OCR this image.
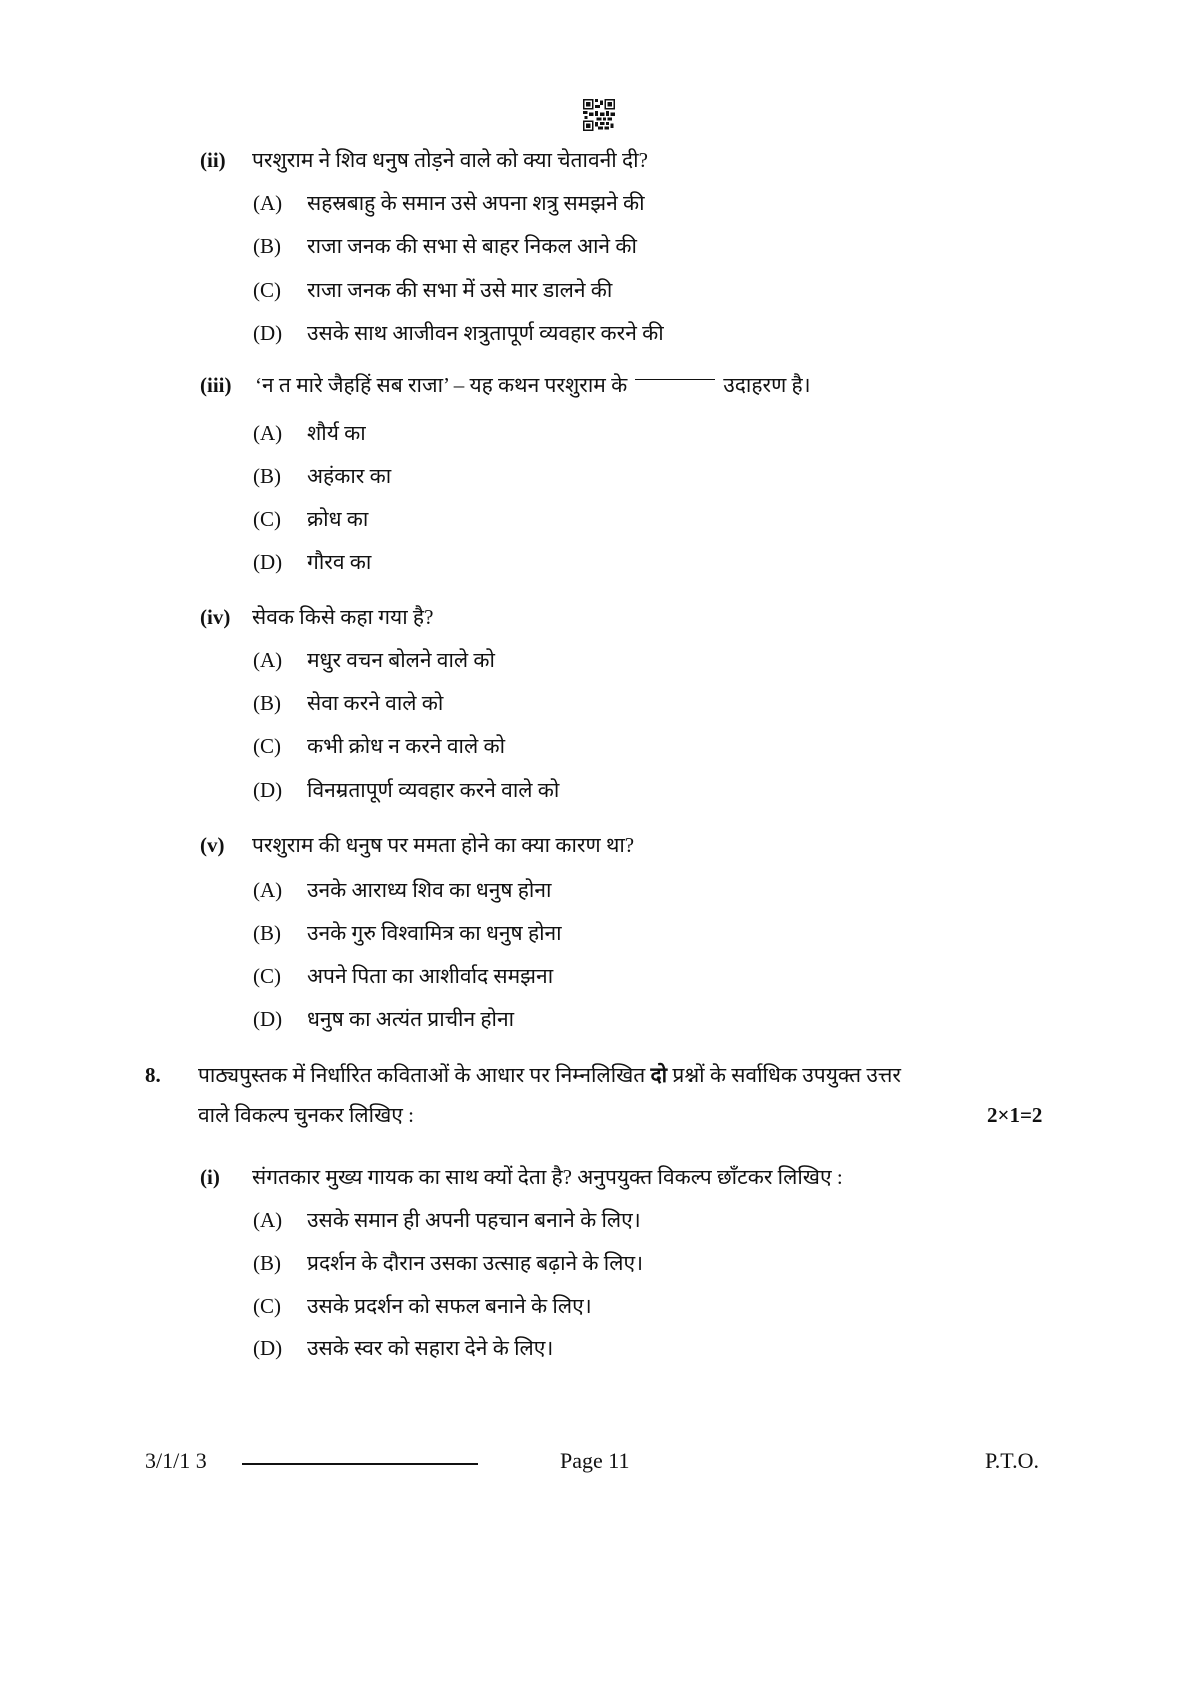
(ii) परशुराम ने शिव धनुष तोड़ने वाले को क्या चेतावनी दी?
(A) सहस्रबाहु के समान उसे अपना शत्रु समझने की
(B) राजा जनक की सभा से बाहर निकल आने की
(C) राजा जनक की सभा में उसे मार डालने की
(D) उसके साथ आजीवन शत्रुतापूर्ण व्यवहार करने की
(iii) ‘न त मारे जैहहिं सब राजा’ – यह कथन परशुराम के	उदाहरण है।
(A) शौर्य का
(B) अहंकार का
(C) क्रोध का
(D) गौरव का
(iv) सेवक किसे कहा गया है?
(A) मधुर वचन बोलने वाले को
(B) सेवा करने वाले को
(C) कभी क्रोध न करने वाले को
(D) विनम्रतापूर्ण व्यवहार करने वाले को
(v) परशुराम की धनुष पर ममता होने का क्या कारण था?
(A) उनके आराध्य शिव का धनुष होना
(B) उनके गुरु विश्वामित्र का धनुष होना
(C) अपने पिता का आशीर्वाद समझना
(D) धनुष का अत्यंत प्राचीन होना
8. पाठ्यपुस्तक में निर्धारित कविताओं के आधार पर निम्नलिखित दो प्रश्नों के सर्वाधिक उपयुक्त उत्तर
वाले विकल्प चुनकर लिखिए :	2×1=2
(i) संगतकार मुख्य गायक का साथ क्यों देता है? अनुपयुक्त विकल्प छाँटकर लिखिए :
(A) उसके समान ही अपनी पहचान बनाने के लिए।
(B) प्रदर्शन के दौरान उसका उत्साह बढ़ाने के लिए।
(C) उसके प्रदर्शन को सफल बनाने के लिए।
(D) उसके स्वर को सहारा देने के लिए।
3/1/1 3	Page 11	P.T.O.
